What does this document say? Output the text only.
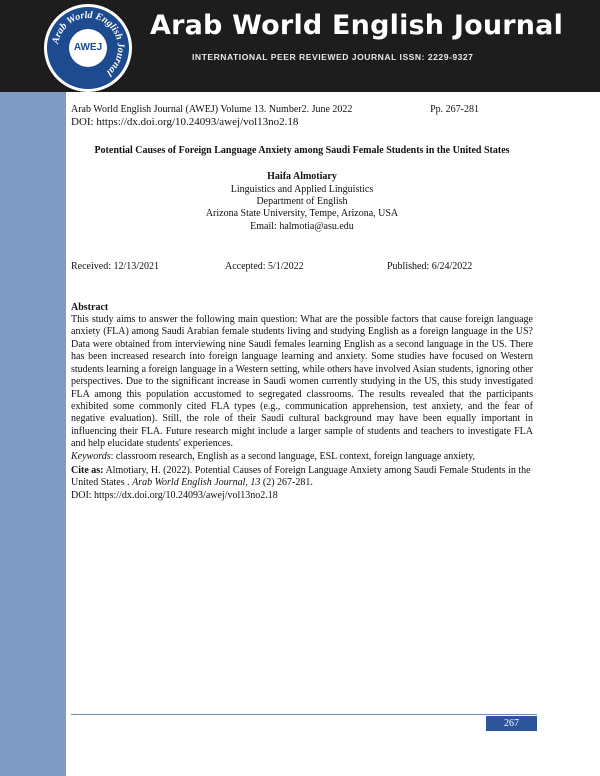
Arab World English Journal
AWEJ
Arab World English Journal
INTERNATIONAL PEER REVIEWED JOURNAL ISSN: 2229-9327
Arab World English Journal (AWEJ) Volume 13. Number2. June 2022	Pp. 267-281
DOI: https://dx.doi.org/10.24093/awej/vol13no2.18
Potential Causes of Foreign Language Anxiety among Saudi Female Students in the United States
Haifa Almotiary
Linguistics and Applied Linguistics
Department of English
Arizona State University, Tempe, Arizona, USA
Email: halmotia@asu.edu
Received: 12/13/2021	Accepted: 5/1/2022	Published: 6/24/2022
Abstract
This study aims to answer the following main question: What are the possible factors that cause foreign language anxiety (FLA) among Saudi Arabian female students living and studying English as a foreign language in the US? Data were obtained from interviewing nine Saudi females learning English as a second language in the US. There has been increased research into foreign language learning and anxiety. Some studies have focused on Western students learning a foreign language in a Western setting, while others have involved Asian students, ignoring other perspectives. Due to the significant increase in Saudi women currently studying in the US, this study investigated FLA among this population accustomed to segregated classrooms. The results revealed that the participants exhibited some commonly cited FLA types (e.g., communication apprehension, test anxiety, and the fear of negative evaluation). Still, the role of their Saudi cultural background may have been equally important in influencing their FLA. Future research might include a larger sample of students and teachers to investigate FLA and help elucidate students' experiences.
Keywords: classroom research, English as a second language, ESL context, foreign language anxiety,
Cite as: Almotiary, H. (2022). Potential Causes of Foreign Language Anxiety among Saudi Female Students in the United States . Arab World English Journal, 13 (2) 267-281.
DOI: https://dx.doi.org/10.24093/awej/vol13no2.18
267
